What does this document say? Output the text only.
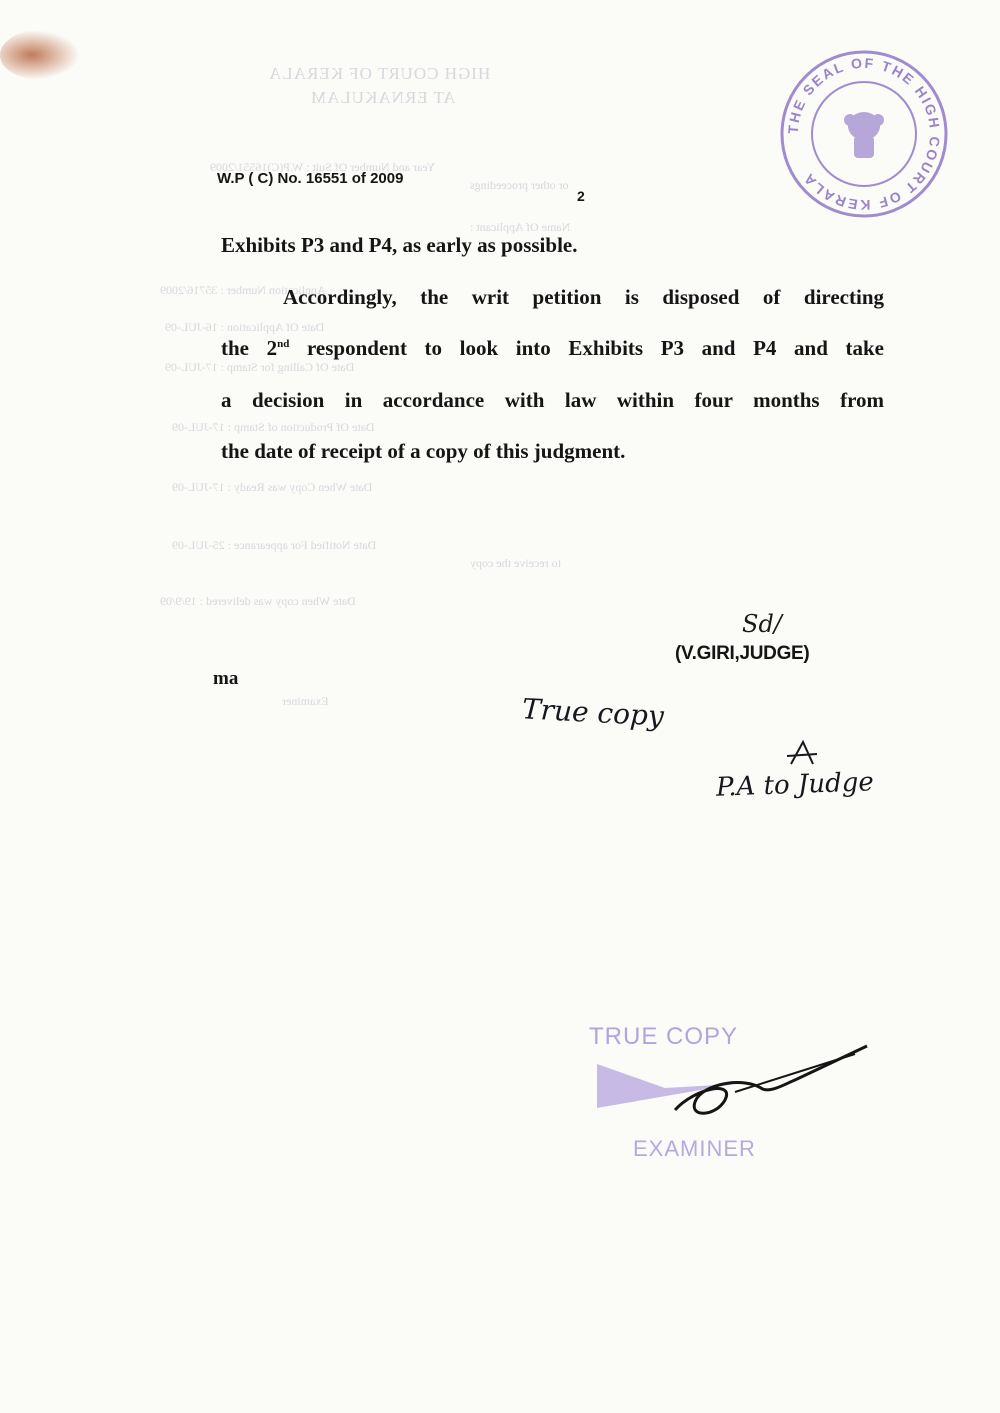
HIGH COURT OF KERALA
AT ERNAKULAM
Year and Number Of Suit : W.P(C)16551/2009
or other proceedings
Name Of Applicant :
Application Number : 35716/2009
Date Of Application : 16-JUL-09
Date Of Calling for Stamp : 17-JUL-09
Date Of Production of Stamp : 17-JUL-09
Date When Copy was Ready : 17-JUL-09
Date Notified For appearance : 25-JUL-09
to receive the copy
Date When copy was delivered : 19/9/09
Examiner
THE SEAL OF THE HIGH COURT OF KERALA
W.P ( C) No. 16551 of 2009
2
Exhibits P3 and P4, as early as possible.
Accordingly, the writ petition is disposed of directing
the 2nd respondent to look into Exhibits P3 and P4 and take
a decision in accordance with law within four months from
the date of receipt of a copy of this judgment.
Sd/
(V.GIRI,JUDGE)
ma
True copy
P.A to Judge
TRUE COPY
EXAMINER
